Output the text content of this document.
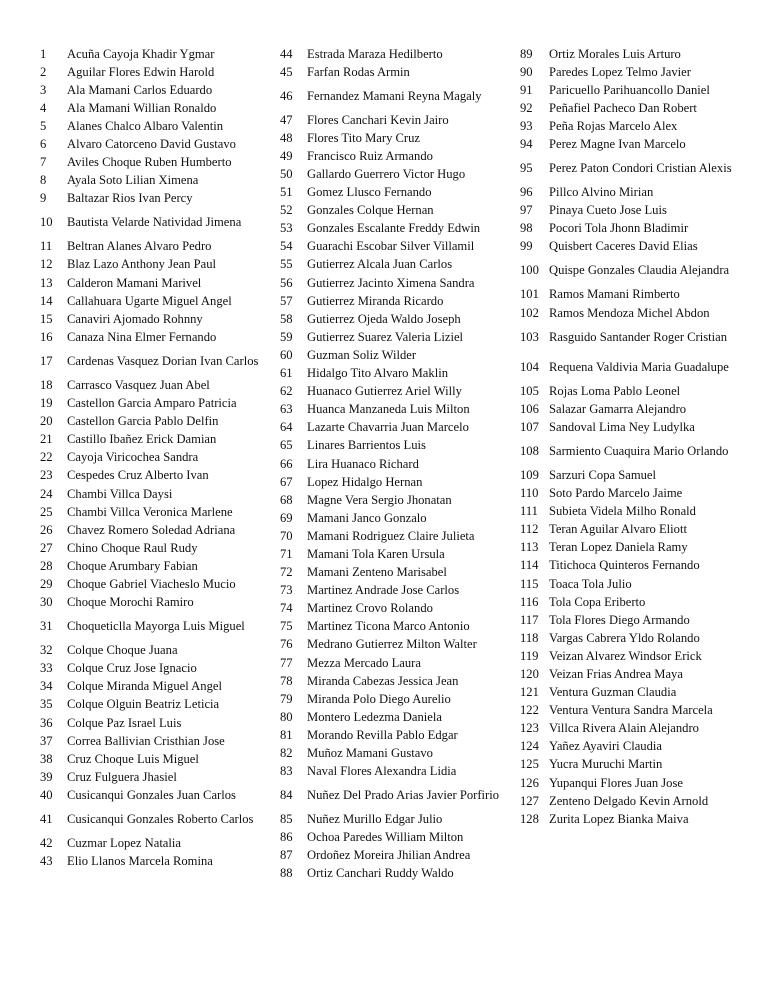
1	Acuña Cayoja Khadir Ygmar
2	Aguilar Flores Edwin Harold
3	Ala Mamani Carlos Eduardo
4	Ala Mamani Willian Ronaldo
5	Alanes Chalco Albaro Valentin
6	Alvaro Catorceno David Gustavo
7	Aviles Choque Ruben Humberto
8	Ayala Soto Lilian Ximena
9	Baltazar Rios Ivan Percy
10	Bautista Velarde Natividad Jimena
11	Beltran Alanes Alvaro Pedro
12	Blaz Lazo Anthony Jean Paul
13	Calderon Mamani Marivel
14	Callahuara Ugarte Miguel Angel
15	Canaviri Ajomado Rohnny
16	Canaza Nina Elmer Fernando
17	Cardenas Vasquez Dorian Ivan Carlos
18	Carrasco Vasquez Juan Abel
19	Castellon Garcia Amparo Patricia
20	Castellon Garcia Pablo Delfin
21	Castillo Ibañez Erick Damian
22	Cayoja Viricochea Sandra
23	Cespedes Cruz Alberto Ivan
24	Chambi Villca Daysi
25	Chambi Villca Veronica Marlene
26	Chavez Romero Soledad Adriana
27	Chino Choque Raul Rudy
28	Choque Arumbary Fabian
29	Choque Gabriel Viacheslo Mucio
30	Choque Morochi Ramiro
31	Choqueticlla Mayorga Luis Miguel
32	Colque Choque Juana
33	Colque Cruz Jose Ignacio
34	Colque Miranda Miguel Angel
35	Colque Olguin Beatriz Leticia
36	Colque Paz Israel Luis
37	Correa Ballivian Cristhian Jose
38	Cruz Choque Luis Miguel
39	Cruz Fulguera Jhasiel
40	Cusicanqui Gonzales Juan Carlos
41	Cusicanqui Gonzales Roberto Carlos
42	Cuzmar Lopez Natalia
43	Elio Llanos Marcela Romina
44	Estrada Maraza Hedilberto
45	Farfan Rodas Armin
46	Fernandez Mamani Reyna Magaly
47	Flores Canchari Kevin Jairo
48	Flores Tito Mary Cruz
49	Francisco Ruiz Armando
50	Gallardo Guerrero Victor Hugo
51	Gomez Llusco Fernando
52	Gonzales Colque Hernan
53	Gonzales Escalante Freddy Edwin
54	Guarachi Escobar Silver Villamil
55	Gutierrez Alcala Juan Carlos
56	Gutierrez Jacinto Ximena Sandra
57	Gutierrez Miranda Ricardo
58	Gutierrez Ojeda Waldo Joseph
59	Gutierrez Suarez Valeria Liziel
60	Guzman Soliz Wilder
61	Hidalgo Tito Alvaro Maklin
62	Huanaco Gutierrez Ariel Willy
63	Huanca Manzaneda Luis Milton
64	Lazarte Chavarria Juan Marcelo
65	Linares Barrientos Luis
66	Lira Huanaco Richard
67	Lopez Hidalgo Hernan
68	Magne Vera Sergio Jhonatan
69	Mamani Janco Gonzalo
70	Mamani Rodriguez Claire Julieta
71	Mamani Tola Karen Ursula
72	Mamani Zenteno Marisabel
73	Martinez Andrade Jose Carlos
74	Martinez Crovo Rolando
75	Martinez Ticona Marco Antonio
76	Medrano Gutierrez Milton Walter
77	Mezza Mercado Laura
78	Miranda Cabezas Jessica Jean
79	Miranda Polo Diego Aurelio
80	Montero Ledezma Daniela
81	Morando Revilla Pablo Edgar
82	Muñoz Mamani Gustavo
83	Naval Flores Alexandra Lidia
84	Nuñez Del Prado Arias Javier Porfirio
85	Nuñez Murillo Edgar Julio
86	Ochoa Paredes William Milton
87	Ordoñez Moreira Jhilian Andrea
88	Ortiz Canchari Ruddy Waldo
89	Ortiz Morales Luis Arturo
90	Paredes Lopez Telmo Javier
91	Paricuello Parihuancollo Daniel
92	Peñafiel Pacheco Dan Robert
93	Peña Rojas Marcelo Alex
94	Perez Magne Ivan Marcelo
95	Perez Paton Condori Cristian Alexis
96	Pillco Alvino Mirian
97	Pinaya Cueto Jose Luis
98	Pocori Tola Jhonn Bladimir
99	Quisbert Caceres David Elias
100 Quispe Gonzales Claudia Alejandra
101 Ramos Mamani Rimberto
102 Ramos Mendoza Michel Abdon
103 Rasguido Santander Roger Cristian
104 Requena Valdivia Maria Guadalupe
105 Rojas Loma Pablo Leonel
106 Salazar Gamarra Alejandro
107 Sandoval Lima Ney Ludylka
108 Sarmiento Cuaquira Mario Orlando
109 Sarzuri Copa Samuel
110 Soto Pardo Marcelo Jaime
111 Subieta Videla Milho Ronald
112 Teran Aguilar Alvaro Eliott
113 Teran Lopez Daniela Ramy
114 Titichoca Quinteros Fernando
115 Toaca Tola Julio
116 Tola Copa Eriberto
117 Tola Flores Diego Armando
118 Vargas Cabrera Yldo Rolando
119 Veizan Alvarez Windsor Erick
120 Veizan Frias Andrea Maya
121 Ventura Guzman Claudia
122 Ventura Ventura Sandra Marcela
123 Villca Rivera Alain Alejandro
124 Yañez Ayaviri Claudia
125 Yucra Muruchi Martin
126 Yupanqui Flores Juan Jose
127 Zenteno Delgado Kevin Arnold
128 Zurita Lopez Bianka Maiva
